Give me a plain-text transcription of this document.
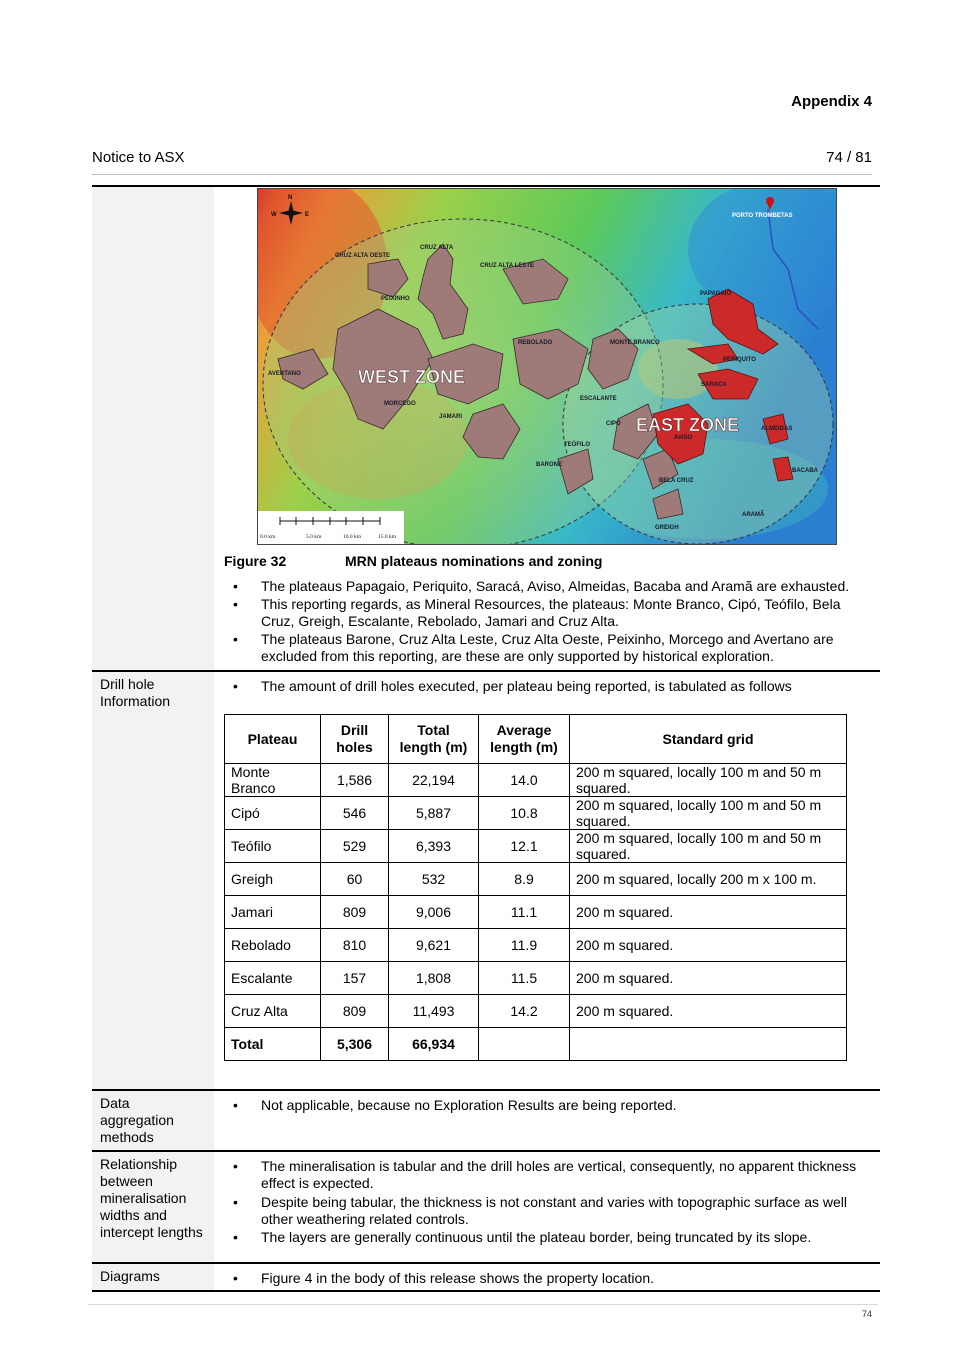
Appendix 4
Notice to ASX	74 / 81
Drill hole Information
Data aggregation methods
Relationship between mineralisation widths and intercept lengths
Diagrams
N
W	E
CRUZ ALTA OESTE
CRUZ ALTA
CRUZ ALTA LESTE
PEIXINHO
REBOLADO	MONTE BRANCO
AVERTANO
MORCEGO
JAMARI
ESCALANTE
CIPÓ
TEÓFILO
BARONE
AVISO
BELA CRUZ
GREIGH
ARAMÃ
PAPAGAIO
PERIQUITO
SARACA
ALMEIDAS
BACABA
PORTO TROMBETAS
WEST ZONE
EAST ZONE
0.0 km	5.0 km	10.0 km	15.0 km
Figure 32	MRN plateaus nominations and zoning
• The plateaus Papagaio, Periquito, Saracá, Aviso, Almeidas, Bacaba and Aramã are exhausted.
• This reporting regards, as Mineral Resources, the plateaus: Monte Branco, Cipó, Teófilo, Bela Cruz, Greigh, Escalante, Rebolado, Jamari and Cruz Alta.
• The plateaus Barone, Cruz Alta Leste, Cruz Alta Oeste, Peixinho, Morcego and Avertano are excluded from this reporting, are these are only supported by historical exploration.
• The amount of drill holes executed, per plateau being reported, is tabulated as follows
Plateau	Drill holes	Total length (m)	Average length (m)	Standard grid
Monte Branco	1,586	22,194	14.0	200 m squared, locally 100 m and 50 m squared.
Cipó	546	5,887	10.8	200 m squared, locally 100 m and 50 m squared.
Teófilo	529	6,393	12.1	200 m squared, locally 100 m and 50 m squared.
Greigh	60	532	8.9	200 m squared, locally 200 m x 100 m.
Jamari	809	9,006	11.1	200 m squared.
Rebolado	810	9,621	11.9	200 m squared.
Escalante	157	1,808	11.5	200 m squared.
Cruz Alta	809	11,493	14.2	200 m squared.
Total	5,306	66,934		
• Not applicable, because no Exploration Results are being reported.
• The mineralisation is tabular and the drill holes are vertical, consequently, no apparent thickness effect is expected.
• Despite being tabular, the thickness is not constant and varies with topographic surface as well other weathering related controls.
• The layers are generally continuous until the plateau border, being truncated by its slope.
• Figure 4 in the body of this release shows the property location.
74
